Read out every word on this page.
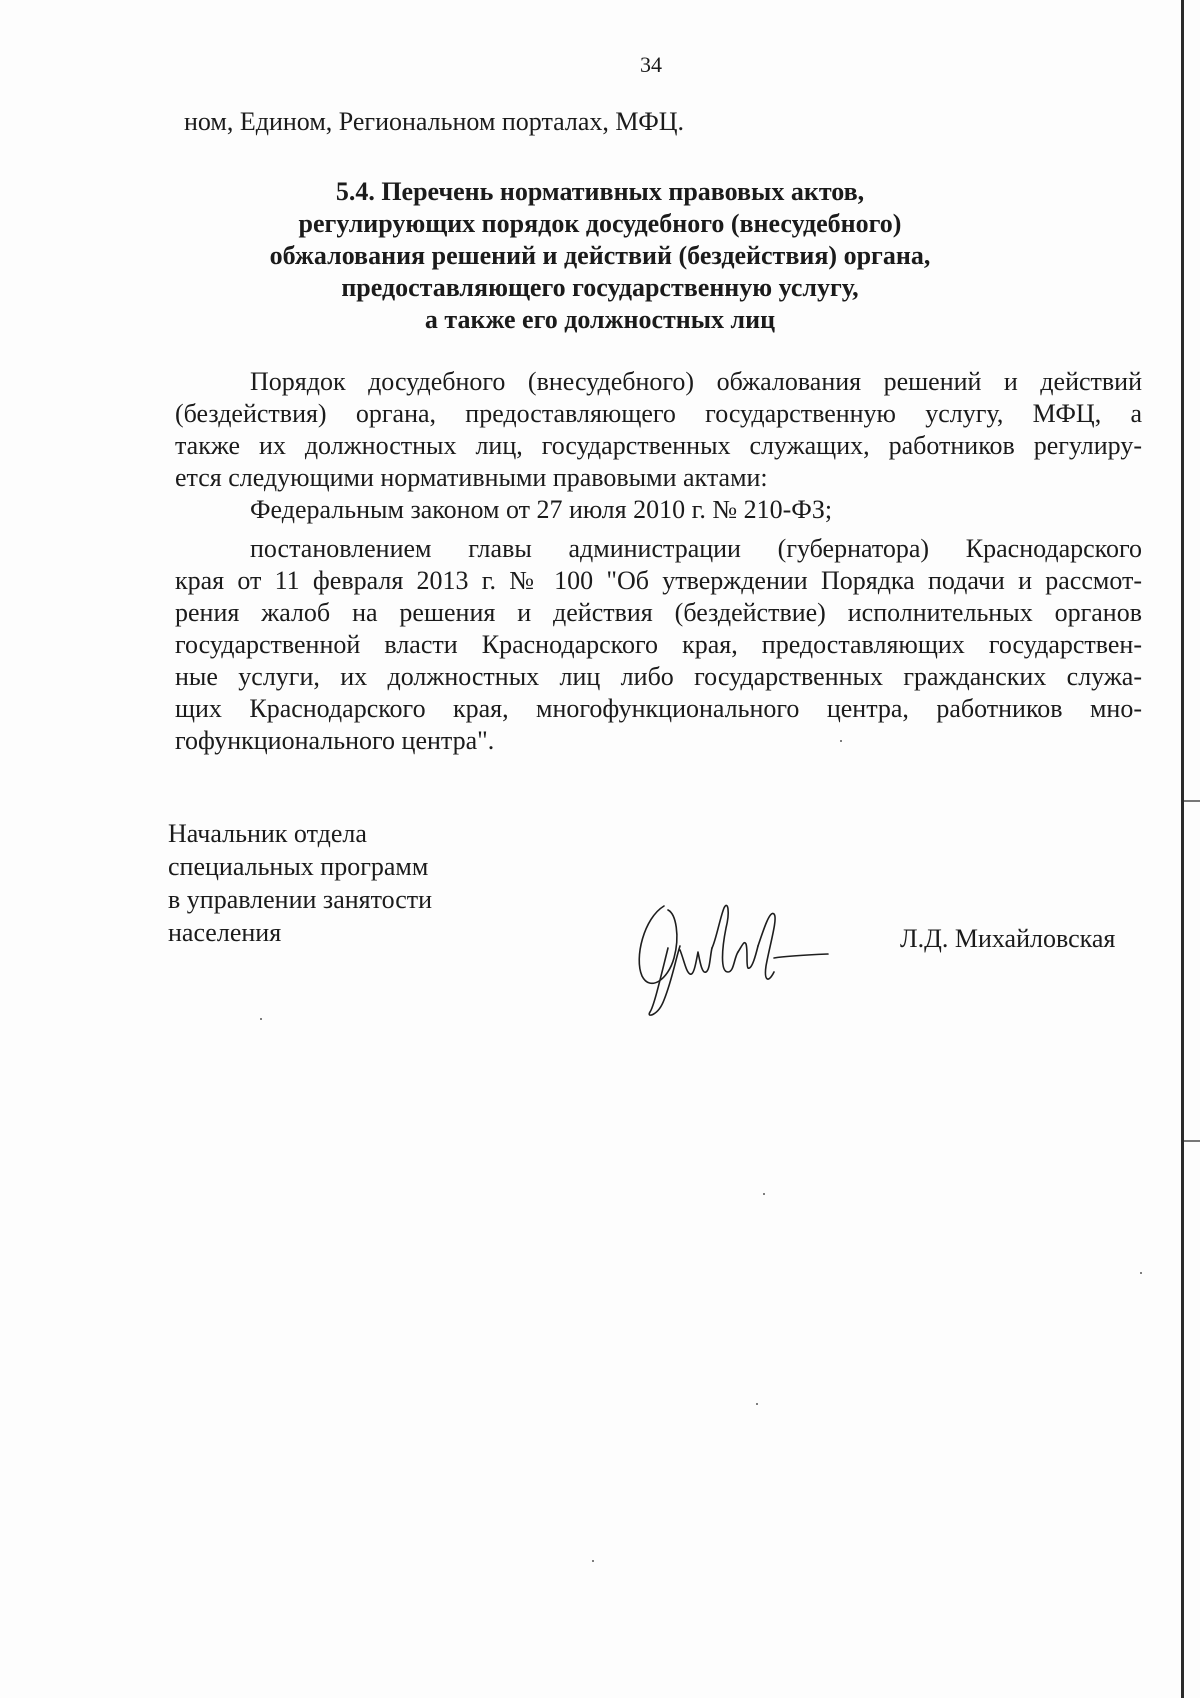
34
ном, Едином, Региональном порталах, МФЦ.
5.4. Перечень нормативных правовых актов,
регулирующих порядок досудебного (внесудебного)
обжалования решений и действий (бездействия) органа,
предоставляющего государственную услугу,
а также его должностных лиц
Порядок досудебного (внесудебного) обжалования решений и действий
(бездействия) органа, предоставляющего государственную услугу, МФЦ, а
также их должностных лиц, государственных служащих, работников регулиру-
ется следующими нормативными правовыми актами:
Федеральным законом от 27 июля 2010 г. № 210-ФЗ;
постановлением главы администрации (губернатора) Краснодарского
края от 11 февраля 2013 г. № 100 "Об утверждении Порядка подачи и рассмот-
рения жалоб на решения и действия (бездействие) исполнительных органов
государственной власти Краснодарского края, предоставляющих государствен-
ные услуги, их должностных лиц либо государственных гражданских служа-
щих Краснодарского края, многофункционального центра, работников мно-
гофункционального центра".
Начальник отдела
специальных программ
в управлении занятости
населения	Л.Д. Михайловская
